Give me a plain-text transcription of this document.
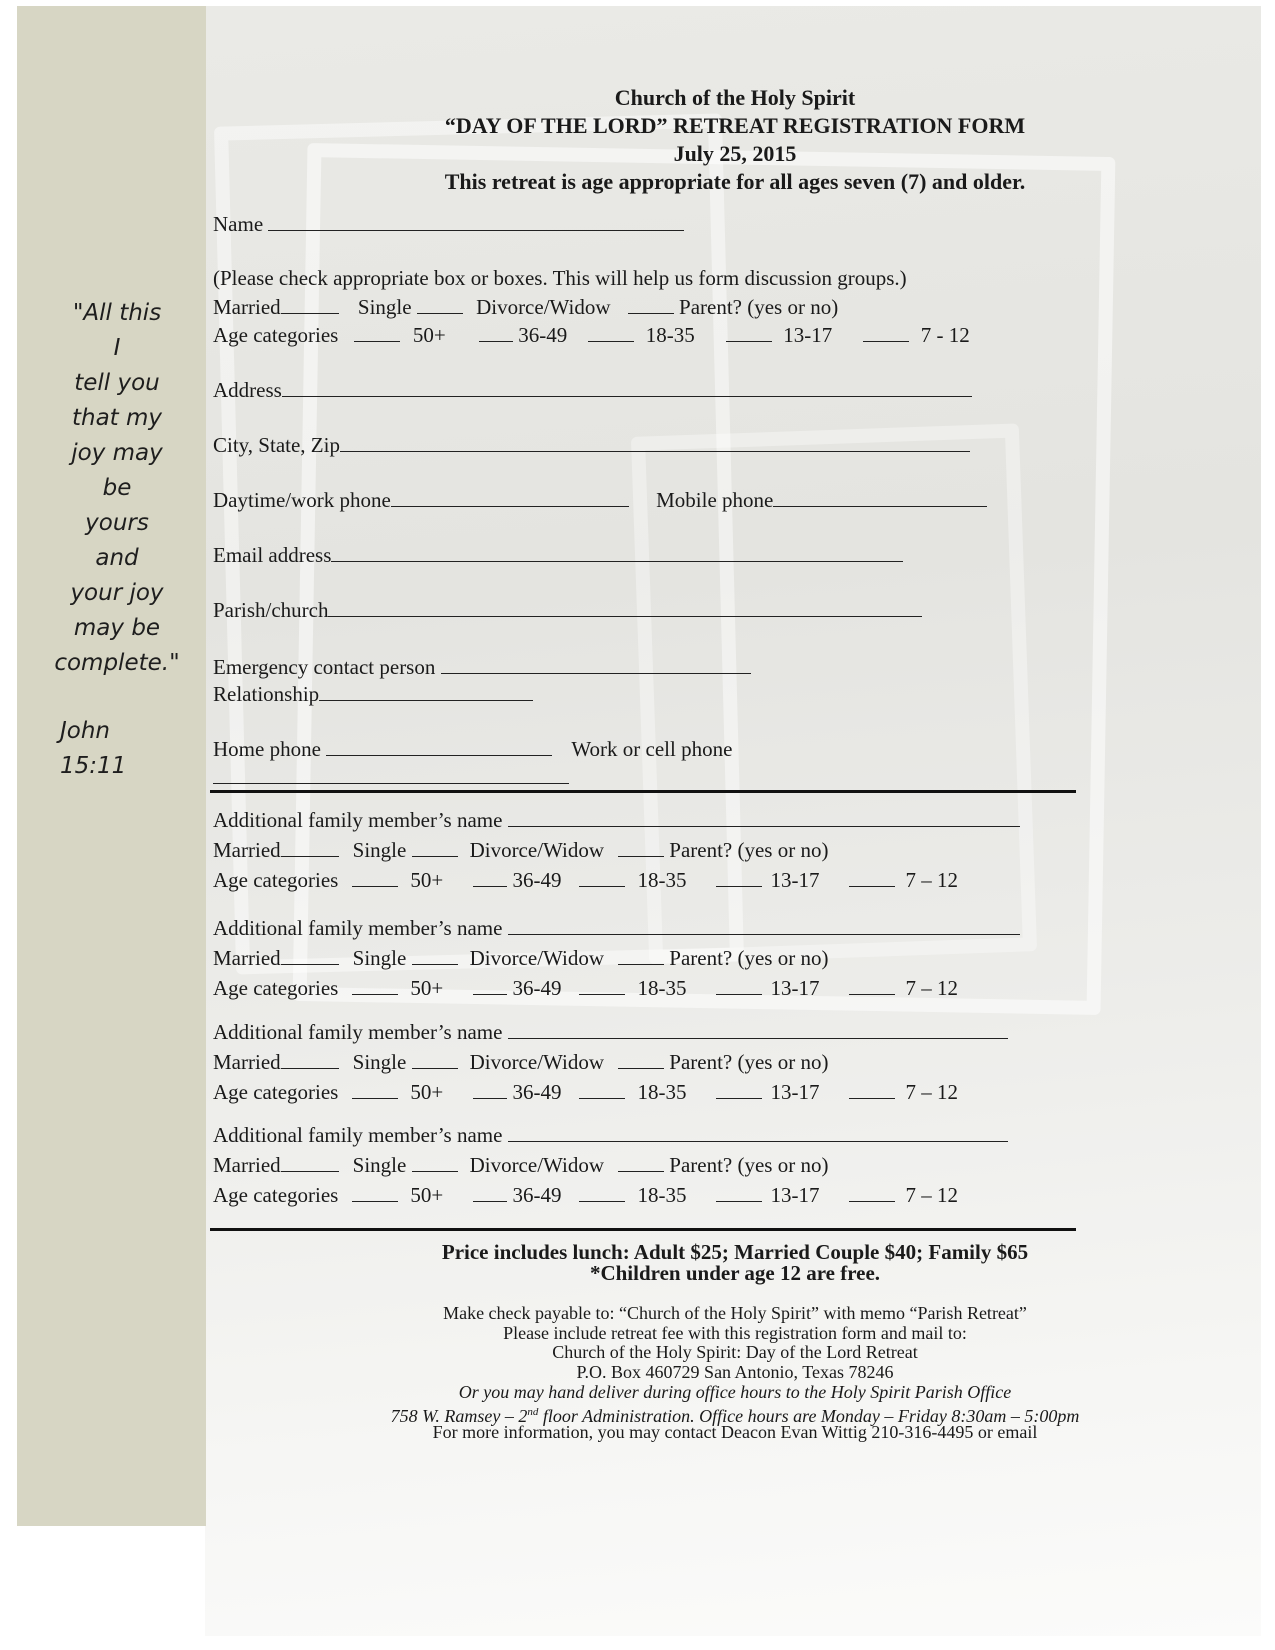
"All this
I
tell you
that my
joy may
be
yours
and
your joy
may be
complete."
John
15:11
Church of the Holy Spirit
“DAY OF THE LORD” RETREAT REGISTRATION FORM
July 25, 2015
This retreat is age appropriate for all ages seven (7) and older.
Name
(Please check appropriate box or boxes. This will help us form discussion groups.)
Married	Single	Divorce/Widow	Parent? (yes or no)
Age categories	50+	36-49	18-35	13-17	7 - 12
Address
City, State, Zip
Daytime/work phone	Mobile phone
Email address
Parish/church
Emergency contact person
Relationship
Home phone	Work or cell phone
Additional family member’s name
Married	Single	Divorce/Widow	Parent? (yes or no)
Age categories	50+	36-49	18-35	13-17	7 – 12
Additional family member’s name
Married	Single	Divorce/Widow	Parent? (yes or no)
Age categories	50+	36-49	18-35	13-17	7 – 12
Additional family member’s name
Married	Single	Divorce/Widow	Parent? (yes or no)
Age categories	50+	36-49	18-35	13-17	7 – 12
Additional family member’s name
Married	Single	Divorce/Widow	Parent? (yes or no)
Age categories	50+	36-49	18-35	13-17	7 – 12
Price includes lunch: Adult $25; Married Couple $40; Family $65
*Children under age 12 are free.
Make check payable to: “Church of the Holy Spirit” with memo “Parish Retreat”
Please include retreat fee with this registration form and mail to:
Church of the Holy Spirit: Day of the Lord Retreat
P.O. Box 460729 San Antonio, Texas 78246
Or you may hand deliver during office hours to the Holy Spirit Parish Office
758 W. Ramsey – 2nd floor Administration. Office hours are Monday – Friday 8:30am – 5:00pm
For more information, you may contact Deacon Evan Wittig 210-316-4495 or email
